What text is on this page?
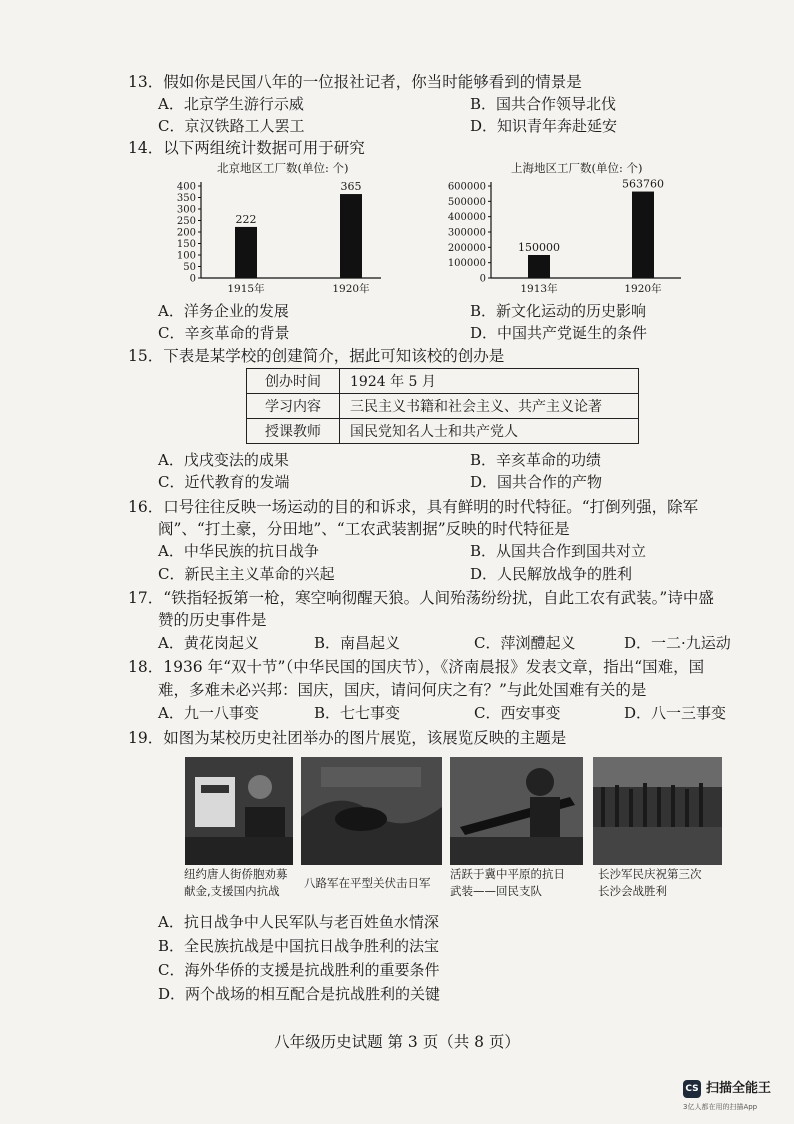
13．假如你是民国八年的一位报社记者，你当时能够看到的情景是
A．北京学生游行示威	B．国共合作领导北伐
C．京汉铁路工人罢工	D．知识青年奔赴延安
14．以下两组统计数据可用于研究
北京地区工厂数(单位: 个)
400
350
300
250
200
150
100
50
0
222
1915年
365
1920年
上海地区工厂数(单位: 个)
600000
500000
400000
300000
200000
100000
0
150000
1913年
563760
1920年
A．洋务企业的发展	B．新文化运动的历史影响
C．辛亥革命的背景	D．中国共产党诞生的条件
15．下表是某学校的创建简介，据此可知该校的创办是
创办时间	1924 年 5 月
学习内容	三民主义书籍和社会主义、共产主义论著
授课教师	国民党知名人士和共产党人
A．戊戌变法的成果	B．辛亥革命的功绩
C．近代教育的发端	D．国共合作的产物
16．口号往往反映一场运动的目的和诉求，具有鲜明的时代特征。“打倒列强，除军
阀”、“打土豪，分田地”、“工农武装割据”反映的时代特征是
A．中华民族的抗日战争	B．从国共合作到国共对立
C．新民主主义革命的兴起	D．人民解放战争的胜利
17．“铁指轻扳第一枪，寒空响彻醒天狼。人间殆荡纷纷扰，自此工农有武装。”诗中盛
赞的历史事件是
A．黄花岗起义	B．南昌起义	C．萍浏醴起义	D．一二·九运动
18．1936 年“双十节”（中华民国的国庆节），《济南晨报》发表文章，指出“国难，国
难，多难未必兴邦：国庆，国庆，请问何庆之有？”与此处国难有关的是
A．九一八事变	B．七七事变	C．西安事变	D．八一三事变
19．如图为某校历史社团举办的图片展览，该展览反映的主题是
纽约唐人街侨胞劝募
献金,支援国内抗战
八路军在平型关伏击日军
活跃于冀中平原的抗日
武装——回民支队
长沙军民庆祝第三次
长沙会战胜利
A．抗日战争中人民军队与老百姓鱼水情深
B．全民族抗战是中国抗日战争胜利的法宝
C．海外华侨的支援是抗战胜利的重要条件
D．两个战场的相互配合是抗战胜利的关键
八年级历史试题 第 3 页（共 8 页）
CS 扫描全能王
3亿人都在用的扫描App
